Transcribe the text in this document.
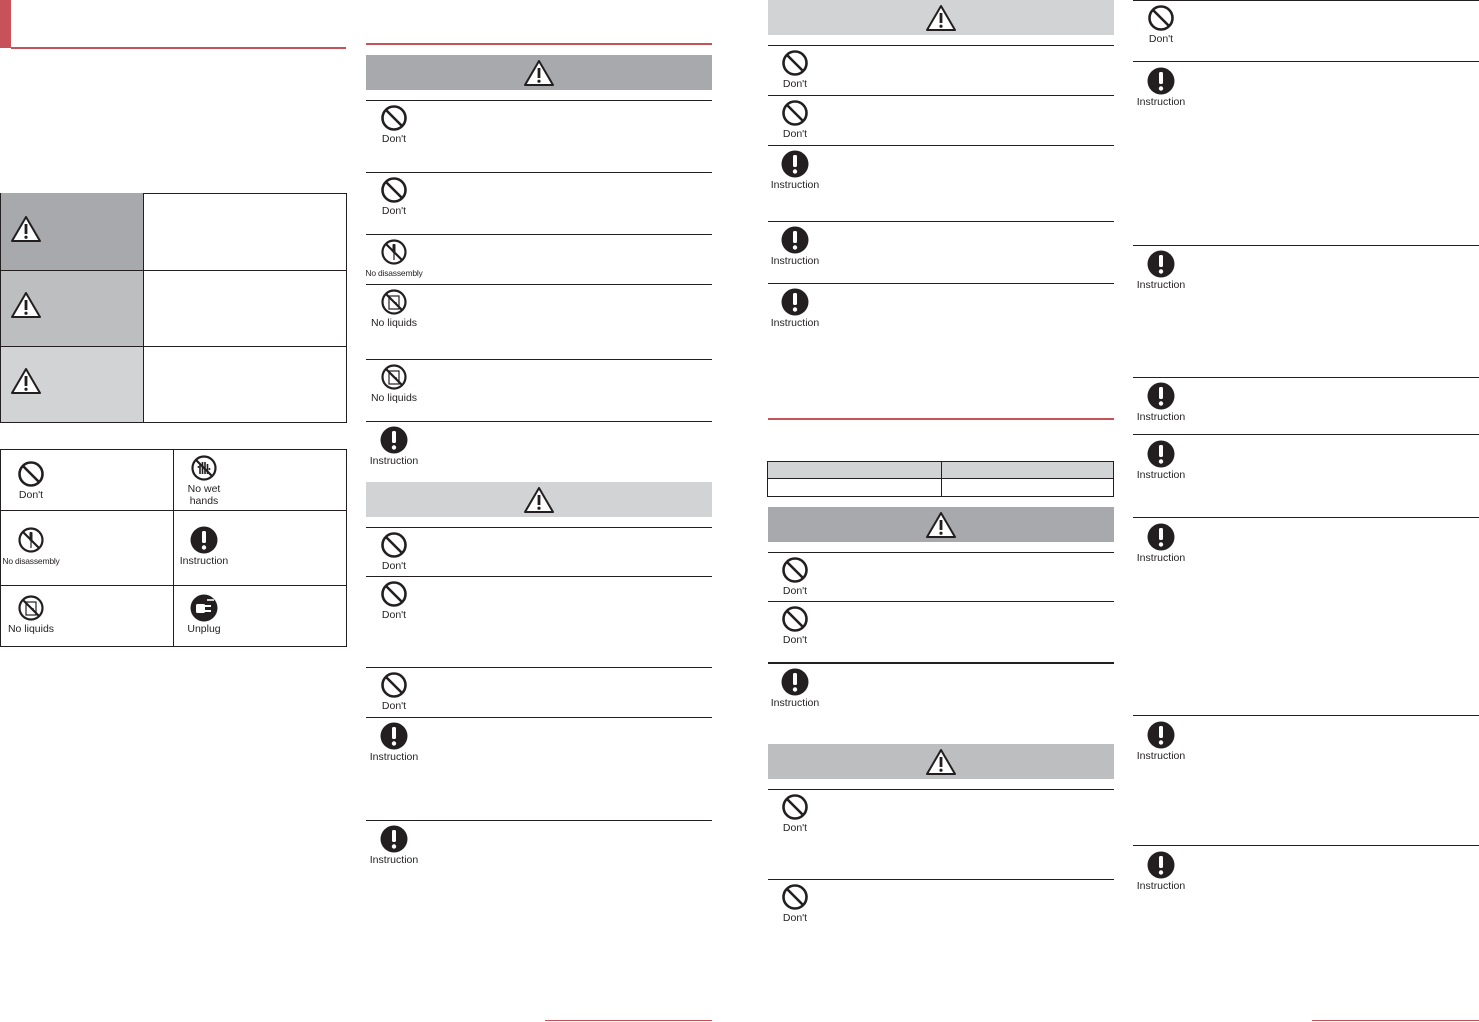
Don't	No wet hands
No disassembly	Instruction
No liquids	Unplug
Don't
Don't
No disassembly
No liquids
No liquids
Instruction
Don't
Don't
Don't
Instruction
Instruction
Don't
Don't
Instruction
Instruction
Instruction
Don't
Don't
Instruction
Don't
Don't
Don't
Instruction
Instruction
Instruction
Instruction
Instruction
Instruction
Instruction
